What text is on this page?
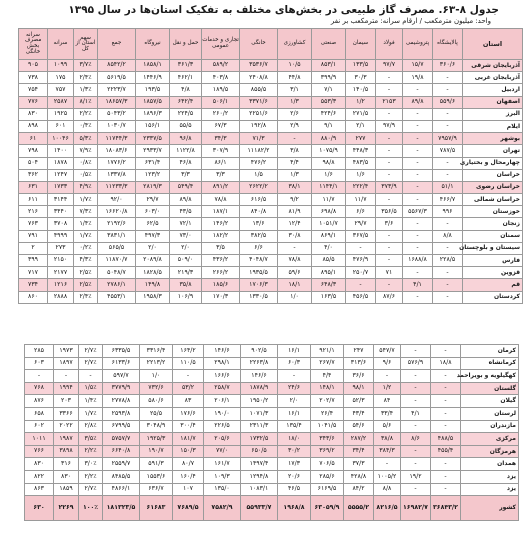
جدول ۸-۶۳. مصرف گاز طبیعی در بخش‌های مختلف به تفکیک استان‌ها در سال ۱۳۹۵
واحد: میلیون مترمکعب / ارقام سرانه: مترمکعب بر نفر
استان	پالایشگاه	پتروشیمی	فولاد	سیمان	صنعتی	کشاورزی	خانگی	تجاری و خدمات عمومی	حمل و نقل	نیروگاه	جمع	سهم استان از کل	سرانه	سرانه مصرف بخش خانگی
آذربایجان شرقی	۳۶۰/۶	۱۵/۷	۹۷/۷	۱۳۳/۵	۸۵۳/۱	۱۰/۵	۳۵۳۶/۷	۵۸۹/۲	۳۶۱/۳	۱۸۵۸/۱	۸۵۴۲/۲	۳/۷٪	۱۰۹۹	۹۰۵
آذربایجان غربی	-	۱۹/۸	-	۳۰/۳	۳۹۹/۹	۴۴/۸	۲۴۰۸/۸	۴۰۳/۸	۴۶۲/۱	۱۴۴۶/۹	۵۶۱۹/۵	۲/۴٪	۱۷۵	۷۳۸
اردبیل	-	-	-	۱۴۰/۵	۷/۱	۳/۱	۸۵۵/۵	۱۸۹/۵	۴/۸	۱۹۳/۵	۲۲۲۳/۷	۱/۳٪	۷۵۷	۷۵۴
اصفهان	۵۵۹/۶	۸۹/۸	۲۱۵۳	۱/۲	۵۵۳/۳	۱/۳	۳۳۷۱/۶	۵۰۶/۱	۶۴۲/۴	۱۸۵۷/۵	۱۸۶۵۷/۳	۸/۱٪	۲۵۸۷	۷۷۶
البرز	-	-	-	۲۷۱/۵	۴۲۴/۶	۲/۶	۲۲۵۱/۶	۲۶۰/۲	۲۲۴/۵	۱۸۹۶/۳	۵۰۴۳/۲	۲/۲٪	۱۹۲۵	۸۳۰
ایلام	-	-	۹۷/۹	۲/۱	۹/۱	۲/۹	۱۹۲/۸	۶۷/۳	۵۵/۵	۱۵۶/۱	۱۰۳۰/۷	۰/۴٪	۶۰۱	۸۹۸
بوشهر	۷۹۵۷/۹	-	-	۲۷۷	۸۸۰/۹	-	۷۱/۳	۳۴/۳	۹۶/۸	۲۳۳۷/۵	۱۱۷۴۴/۳	۵/۳٪	۱۰۰۴۶	۶۱
تهران	۷۸۷/۵	-	-	۴۴۸/۳	۱۰۷۵/۹	۳/۸	۱۱۱۸۲/۲	۳۰۷/۹	۱۱۲۲/۸	۲۹۳۳/۷	۱۸۰۸۳/۶	۷/۹٪	۱۴۰۰	۷۹۸
چهارمحال و بختیاری	-	-	-	۴۸۳/۵	۹۸/۸	۴/۴	۴۷۶/۲	۸۶/۱	۴۶/۸	۶۳۱/۴	۱۷۷۶/۲	۰/۸٪	۱۸۷۸	۵۰۴
خراسان	-	-	-	۱/۶	۱/۶	۱/۳	۱/۵	۳/۳	۳/۳	۱۲۳/۲	۱۳۳۷/۸	۰/۵٪	۱۲۴۷	۳۶۲
خراسان رضوی	۵۱/۱	-	۳۷۳/۹	۲۲۲/۴	۱۱۴۴/۱	۳۸/۱	۲۶۲۲/۲	۸۹۱/۲	۵۴۹/۴	۲۸۱۹/۳	۱۱۲۳۳/۳	۴/۹٪	۱۷۳۳	۶۳۱
خراسان شمالی	۴۶۶/۷	-	-	۱۱/۷	۱۱/۷	۹/۲	۶۱۶/۵	۷۸/۸	۸۹/۸	۲۹/۷	۹۲/۰	۱/۷٪	۳۱۴۴	۶۱۱
خوزستان	۹۹۶	۵۵۶۷/۳	۳۵۶/۵	۶/۶	۶۹۸/۸	۸۱/۹	۸۴۰/۸	۱۸۷/۱	۴۳/۵	۶۰۳/۰	۱۶۶۲۰/۸	۷/۳٪	۳۴۴۰	۲۱۶
زنجان	-	-	۳/۶	۲۹/۷	۱۰۵۱/۷	۱۲/۴	۱۳/۶	۱۴۶/۲	۷۲/۱	۶۲/۵	۲۱۹۲/۶	۱/۴٪	۳۷۰۸	۷۶۳
سمنان	۸/۸	-	-	۳۶۷/۵	۸۶۹/۱	۳۰/۸	۳۸۲/۵	۱۸۲/۲	۷۳/۰	۴۹۷/۳	۳۸۳۱/۱	۱/۷٪	۴۹۹۹	۷۹۱
سیستان و بلوچستان	-	-	-	-	۴/۰	-	۶/۶	۳/۵	۲/۰	۲/۰	۵۶۵/۵	۰/۲٪	۲۷۳	۲
فارس	۲۲۸/۵	۱۶۸۸/۸	-	۴۷۶/۹	۸۵/۵	۷۸/۸	۴۰۴۸/۷	۴۳۶/۲	۵۰۹/۰	۲۰۸۹/۸	۱۱۸۷۰/۷	۴/۳٪	۲۱۵۰	۳۹۹
قزوین	-	-	۷۱	۲۵۰/۷	۸۹۵/۱	۵۹/۶	۱۹۳۵/۵	۲۶۶/۲	۲۱۹/۳	۱۸۲۸/۵	۵۰۴۸/۷	۲/۵٪	۲۱۷۷	۷۱۷
قم	-	۴/۱	-	-	۶۴۸/۳	۱۸/۱	۱۷۰۶/۳	۱۸۵/۶	۳۵/۸	۱۴۹/۸	۲۷۸۶/۱	۲/۵٪	۱۲۱۶	۷۳۴
کردستان	-	-	۸۷/۶	۴۵۶/۵	۱۶۳/۵	۱/۰	۱۳۳۰/۵	۱۷۰/۳	۱۰۶/۹	۱۹۵۸/۳	۴۵۵۳/۱	۲/۴٪	۲۸۸۸	۸۶۰
کرمان	-	-	۵۴۷/۷	۲۴۷	۹۲۱/۱	۱۶/۱	۹۰۲/۵	۱۴۶/۶	۱۶۴/۲	۳۳۱۶/۴	۶۳۳۵/۵	۲/۷٪	۱۹۷۳	۲۸۵
کرمانشاه	۱۸/۸	۵۷۶/۹	۹/۶	۳۱۳/۶	۲۶۷/۷	۶۰/۳	۲۲۶۳/۸	۲۹۸/۱	۱۱۰/۵	۲۲۱۳/۲	۶۱۳۳/۶	۲/۷٪	۱۸۹۷	۶۰۳
کهگیلویه و بویراحمد	-	-	-	۳۶/۶	۴/۴	-	۱۴۶/۶	۱۶۶/۶	-	۱/۰	۵۹۷/۷	-	-	-
گلستان	-	-	۱/۲	۹۸/۱	۱۴۸/۱	۲۴/۶	۱۸۷۸/۹	۲۵۸/۷	۵۳/۲	۷۳۲/۶	۳۷۷۹/۹	۱/۵٪	۱۹۹۴	۷۶۸
گیلان	-	-	۸۴	۵۲/۳	۲۰۲/۷	۲/۰	۱۹۵۰/۲	۲۰۶/۱	۸۳	۵۸۰/۶	۲۷۷۸/۸	۱/۴٪	۲۰۳	۸۷۶
لرستان	-	۴/۱	۳۳/۴	۴۳/۴	۲۶/۴	۱۶/۱	۱۰۷۱/۳	۱۹۰/۰	۱۷۶/۶	۲۵/۵	۲۵۹۳/۸	۱/۷٪	۳۳۶۶	۶۵۸
مازندران	-	-	۵/۶	۵۴/۶	۱۰۴۱/۵	۱۳۵/۴	۲۳۱۱/۳	۲۲۶/۵	۳۰۰/۴	۳۰۴۸/۹	۶۷۹۹/۵	۲/۸٪	۲۰۲۲	۶۰۲
مرکزی	۴۸۸/۵	۸/۶	۳۸/۸	۲۸۷/۲	۳۴۳/۶	۱۸/۰	۱۷۳۲/۵	۲۰۵/۶	۱۸۱/۷	۱۹۲۵/۳	۵۷۵۷/۷	۳/۵٪	۱۹۸۷	۱۰۱۱
هرمزگان	۴۵۵/۴	-	۳۸۴/۳	۳۴/۴	۳۶۹/۲	۳۰/۲	۶۵۰/۵	۷۷/۰	۱۵۰/۳	۱۹۰/۷	۶۶۴۰/۸	۲/۲٪	۳۸۹۸	۷۶۶
همدان	-	-	-	۳۷/۳	۷۰۶/۵	۱۷/۳	۱۴۹۷/۴	۱۶۱/۷	۸۰/۷	۵۹۱/۳	۲۵۵۹/۷	۳/۰٪	۳۱۶	۸۳۰
یزد	-	۱۹/۲	۱۰۰۵/۲	۴۲۸/۸	۲۸۵/۶	۲۰/۶	۱۲۹۴/۸	۱۰۹/۳	۱۶۰/۴	۱۵۵۳/۶	۸۴۸۵/۵	۲/۲٪	۸۳۰	۸۲۲
یزد	-	-	۸/۸	۸۴/۲	۶۱۶۹/۵	۴۶/۵	۱۰۸۳/۱	۱۳۵/۰	۱۰۷	۶۳۶/۷	۴۸۶۶/۱	۲/۷٪	۱۸۵۹	۸۶۳
کشور	۳۶۸۴۳/۲	۱۶۹۸۲/۷	۸۲۱۶/۵	۵۵۵۵/۲	۶۳۰۵۹/۹	۱۹۶۸/۸	۵۵۹۳۳/۷	۷۵۸۲/۹	۷۶۸۹/۵	۶۱۶۸۳	۱۸۱۳۲۳/۵	۱۰۰٪	۲۲۶۹	۶۳۰
